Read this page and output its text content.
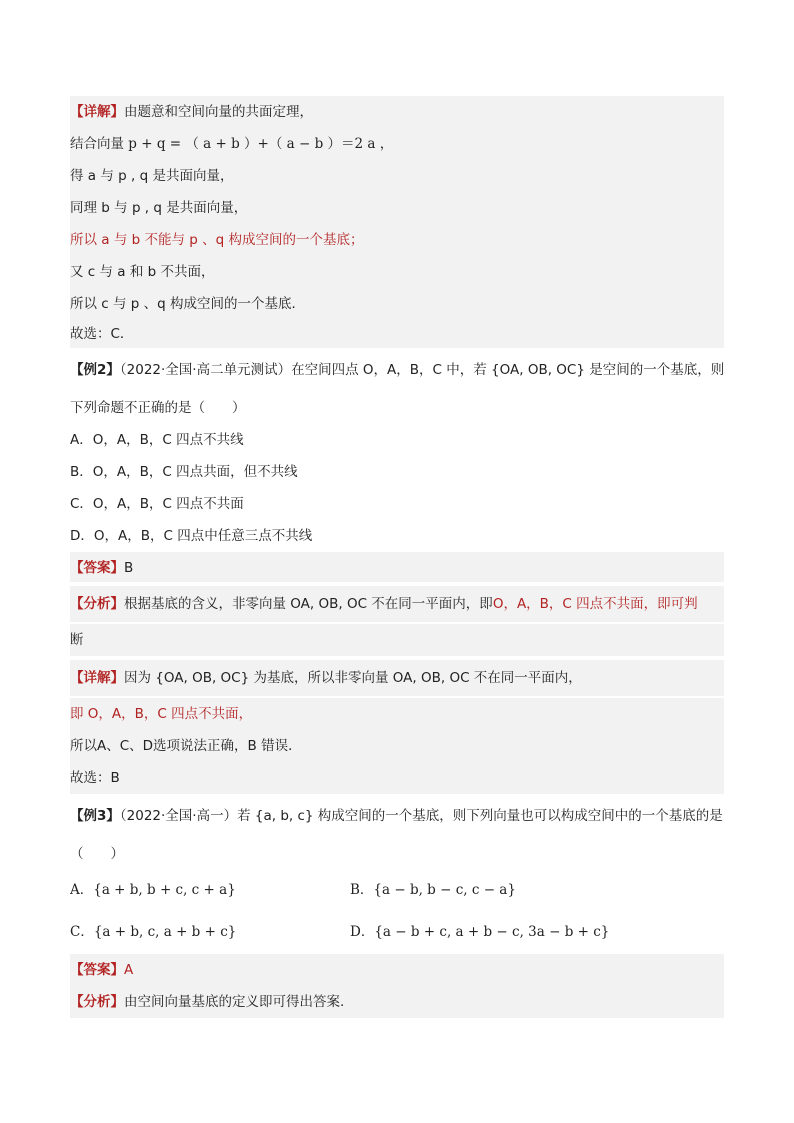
【详解】由题意和空间向量的共面定理，
结合向量 p + q = （ a + b ）+（ a − b ）＝2 a ，
得 a 与 p , q 是共面向量，
同理 b 与 p , q 是共面向量，
所以 a 与 b 不能与 p 、q 构成空间的一个基底；
又 c 与 a 和 b 不共面，
所以 c 与 p 、q 构成空间的一个基底．
故选：C．
【例2】（2022·全国·高二单元测试）在空间四点 O，A，B，C 中，若 {OA, OB, OC} 是空间的一个基底，则
下列命题不正确的是（　　）
A．O，A，B，C 四点不共线
B．O，A，B，C 四点共面，但不共线
C．O，A，B，C 四点不共面
D．O，A，B，C 四点中任意三点不共线
【答案】B
【分析】根据基底的含义，非零向量 OA, OB, OC 不在同一平面内，即O，A，B，C 四点不共面，即可判
断
【详解】因为 {OA, OB, OC} 为基底，所以非零向量 OA, OB, OC 不在同一平面内，
即 O，A，B，C 四点不共面，
所以A、C、D选项说法正确，B 错误．
故选：B
【例3】（2022·全国·高一）若 {a, b, c} 构成空间的一个基底，则下列向量也可以构成空间中的一个基底的是
（　　）
A．{a + b, b + c, c + a}	B．{a − b, b − c, c − a}
C．{a + b, c, a + b + c}	D．{a − b + c, a + b − c, 3a − b + c}
【答案】A
【分析】由空间向量基底的定义即可得出答案.
